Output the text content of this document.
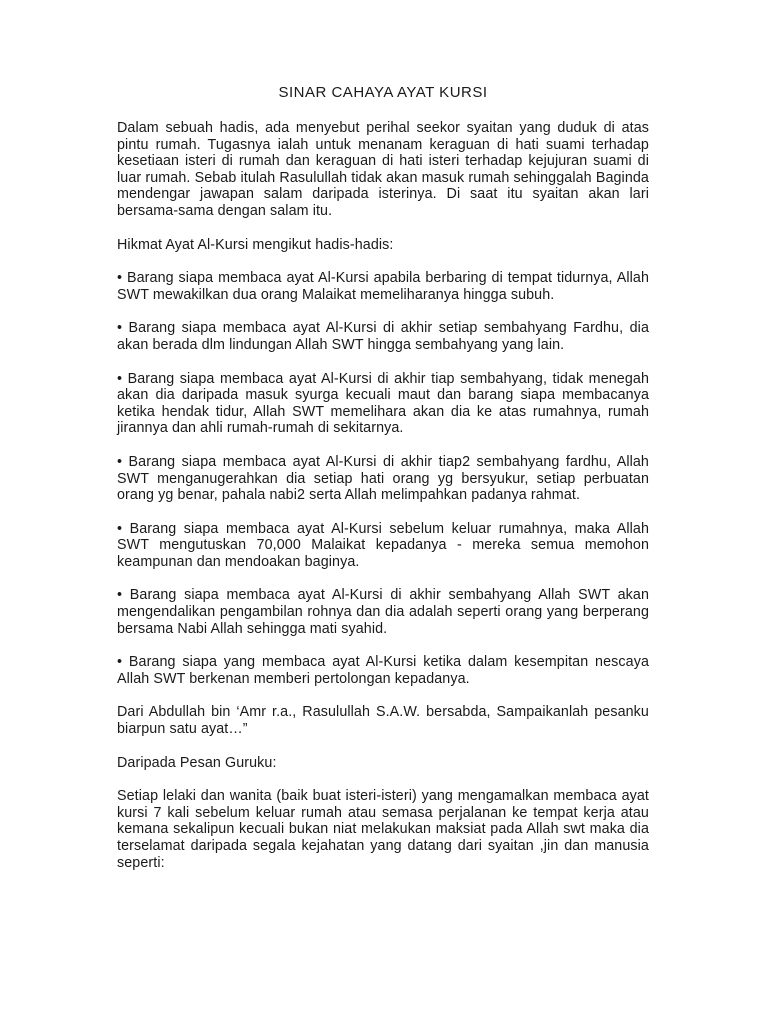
SINAR CAHAYA AYAT KURSI

Dalam sebuah hadis, ada menyebut perihal seekor syaitan yang duduk di atas pintu rumah. Tugasnya ialah untuk menanam keraguan di hati suami terhadap kesetiaan isteri di rumah dan keraguan di hati isteri terhadap kejujuran suami di luar rumah. Sebab itulah Rasulullah tidak akan masuk rumah sehinggalah Baginda mendengar jawapan salam daripada isterinya. Di saat itu syaitan akan lari bersama-sama dengan salam itu.

Hikmat Ayat Al-Kursi mengikut hadis-hadis:

• Barang siapa membaca ayat Al-Kursi apabila berbaring di tempat tidurnya, Allah SWT mewakilkan dua orang Malaikat memeliharanya hingga subuh.

• Barang siapa membaca ayat Al-Kursi di akhir setiap sembahyang Fardhu, dia akan berada dlm lindungan Allah SWT hingga sembahyang yang lain.

• Barang siapa membaca ayat Al-Kursi di akhir tiap sembahyang, tidak menegah akan dia daripada masuk syurga kecuali maut dan barang siapa membacanya ketika hendak tidur, Allah SWT memelihara akan dia ke atas rumahnya, rumah jirannya dan ahli rumah-rumah di sekitarnya.

• Barang siapa membaca ayat Al-Kursi di akhir tiap2 sembahyang fardhu, Allah SWT menganugerahkan dia setiap hati orang yg bersyukur, setiap perbuatan orang yg benar, pahala nabi2 serta Allah melimpahkan padanya rahmat.

• Barang siapa membaca ayat Al-Kursi sebelum keluar rumahnya, maka Allah SWT mengutuskan 70,000 Malaikat kepadanya - mereka semua memohon keampunan dan mendoakan baginya.

• Barang siapa membaca ayat Al-Kursi di akhir sembahyang Allah SWT akan mengendalikan pengambilan rohnya dan dia adalah seperti orang yang berperang bersama Nabi Allah sehingga mati syahid.

• Barang siapa yang membaca ayat Al-Kursi ketika dalam kesempitan nescaya Allah SWT berkenan memberi pertolongan kepadanya.

Dari Abdullah bin ‘Amr r.a., Rasulullah S.A.W. bersabda, Sampaikanlah pesanku biarpun satu ayat…”

Daripada Pesan Guruku:

Setiap lelaki dan wanita (baik buat isteri-isteri) yang mengamalkan membaca ayat kursi 7 kali sebelum keluar rumah atau semasa perjalanan ke tempat kerja atau kemana sekalipun kecuali bukan niat melakukan maksiat pada Allah swt maka dia terselamat daripada segala kejahatan yang datang dari syaitan ,jin dan manusia seperti:
